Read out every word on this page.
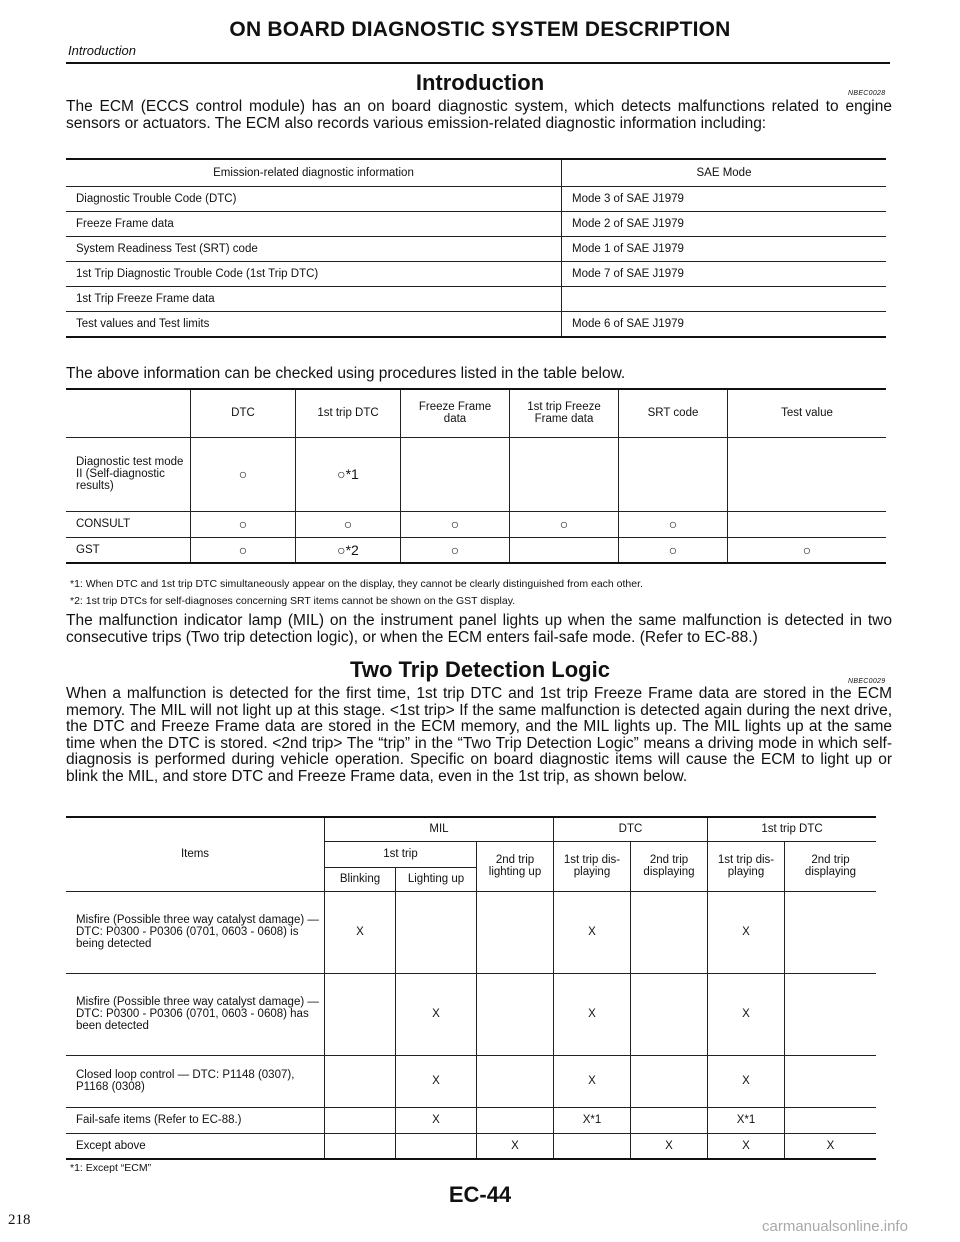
ON BOARD DIAGNOSTIC SYSTEM DESCRIPTION
Introduction
Introduction	NBEC0028
The ECM (ECCS control module) has an on board diagnostic system, which detects malfunctions related to engine sensors or actuators. The ECM also records various emission-related diagnostic information including:
Emission-related diagnostic information	SAE Mode
Diagnostic Trouble Code (DTC)	Mode 3 of SAE J1979
Freeze Frame data	Mode 2 of SAE J1979
System Readiness Test (SRT) code	Mode 1 of SAE J1979
1st Trip Diagnostic Trouble Code (1st Trip DTC)	Mode 7 of SAE J1979
1st Trip Freeze Frame data	
Test values and Test limits	Mode 6 of SAE J1979
The above information can be checked using procedures listed in the table below.
	DTC	1st trip DTC	Freeze Frame data	1st trip Freeze Frame data	SRT code	Test value
Diagnostic test mode II (Self-diagnostic results)	○	○*1				
CONSULT	○	○	○	○	○	
GST	○	○*2	○		○	○
*1: When DTC and 1st trip DTC simultaneously appear on the display, they cannot be clearly distinguished from each other.
*2: 1st trip DTCs for self-diagnoses concerning SRT items cannot be shown on the GST display.
The malfunction indicator lamp (MIL) on the instrument panel lights up when the same malfunction is detected in two consecutive trips (Two trip detection logic), or when the ECM enters fail-safe mode. (Refer to EC-88.)
Two Trip Detection Logic	NBEC0029
When a malfunction is detected for the first time, 1st trip DTC and 1st trip Freeze Frame data are stored in the ECM memory. The MIL will not light up at this stage. <1st trip> If the same malfunction is detected again during the next drive, the DTC and Freeze Frame data are stored in the ECM memory, and the MIL lights up. The MIL lights up at the same time when the DTC is stored. <2nd trip> The “trip” in the “Two Trip Detection Logic” means a driving mode in which self-diagnosis is performed during vehicle operation. Specific on board diagnostic items will cause the ECM to light up or blink the MIL, and store DTC and Freeze Frame data, even in the 1st trip, as shown below.
Items	MIL			DTC		1st trip DTC	
	1st trip		2nd trip lighting up	1st trip dis-playing	2nd trip displaying	1st trip dis-playing	2nd trip displaying
	Blinking	Lighting up					
Misfire (Possible three way catalyst damage) — DTC: P0300 - P0306 (0701, 0603 - 0608) is being detected	X			X		X	
Misfire (Possible three way catalyst damage) — DTC: P0300 - P0306 (0701, 0603 - 0608) has been detected		X		X		X	
Closed loop control — DTC: P1148 (0307), P1168 (0308)		X		X		X	
Fail-safe items (Refer to EC-88.)		X		X*1		X*1	
Except above			X		X	X	X
*1: Except “ECM”
EC-44
218	carmanualsonline.info
